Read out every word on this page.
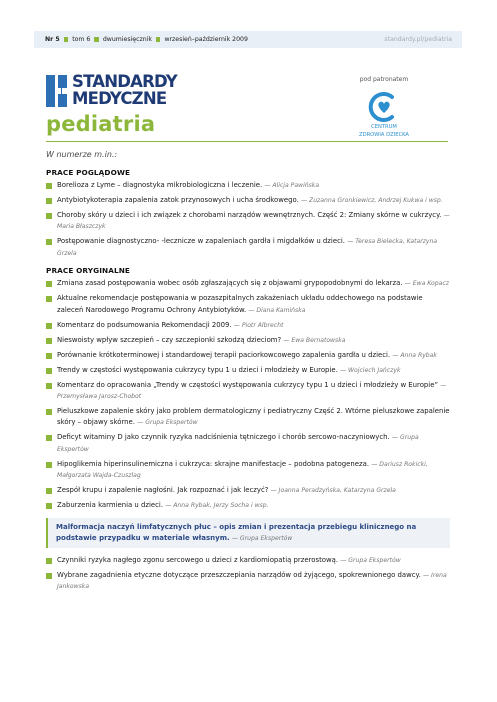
Nr 5 tom 6 dwumiesięcznik wrzesień–październik 2009	standardy.pl/pediatria
STANDARDY
MEDYCZNE
pediatria
pod patronatem
CENTRUM
ZDROWIA DZIECKA
W numerze m.in.:
PRACE POGLĄDOWE
Borelioza z Lyme – diagnostyka mikrobiologiczna i leczenie. — Alicja Pawińska
Antybiotykoterapia zapalenia zatok przynosowych i ucha środkowego. — Zuzanna Gronkiewicz, Andrzej Kukwa i wsp.
Choroby skóry u dzieci i ich związek z chorobami narządów wewnętrznych. Część 2: Zmiany skórne w cukrzycy. — Maria Błaszczyk
Postępowanie diagnostyczno- -lecznicze w zapaleniach gardła i migdałków u dzieci. — Teresa Bielecka, Katarzyna Grzela
PRACE ORYGINALNE
Zmiana zasad postępowania wobec osób zgłaszających się z objawami grypopodobnymi do lekarza. — Ewa Kopacz
Aktualne rekomendacje postępowania w pozaszpitalnych zakażeniach układu oddechowego na podstawie zaleceń Narodowego Programu Ochrony Antybiotyków. — Diana Kamińska
Komentarz do podsumowania Rekomendacji 2009. — Piotr Albrecht
Nieswoisty wpływ szczepień – czy szczepionki szkodzą dzieciom? — Ewa Bernatowska
Porównanie krótkoterminowej i standardowej terapii paciorkowcowego zapalenia gardła u dzieci. — Anna Rybak
Trendy w częstości występowania cukrzycy typu 1 u dzieci i młodzieży w Europie. — Wojciech Jańczyk
Komentarz do opracowania „Trendy w częstości występowania cukrzycy typu 1 u dzieci i młodzieży w Europie” — Przemysława Jarosz-Chobot
Pieluszkowe zapalenie skóry jako problem dermatologiczny i pediatryczny Część 2. Wtórne pieluszkowe zapalenie skóry – objawy skórne. — Grupa Ekspertów
Deficyt witaminy D jako czynnik ryzyka nadciśnienia tętniczego i chorób sercowo-naczyniowych. — Grupa Ekspertów
Hipoglikemia hiperinsulinemiczna i cukrzyca: skrajne manifestacje – podobna patogeneza. — Dariusz Rokicki, Małgorzata Wajda-Czuszlag
Zespół krupu i zapalenie nagłośni. Jak rozpoznać i jak leczyć? — Joanna Peradzyńska, Katarzyna Grzela
Zaburzenia karmienia u dzieci. — Anna Rybak, Jerzy Socha i wsp.
Malformacja naczyń limfatycznych płuc – opis zmian i prezentacja przebiegu klinicznego na podstawie przypadku w materiale własnym. — Grupa Ekspertów
Czynniki ryzyka nagłego zgonu sercowego u dzieci z kardiomiopatią przerostową. — Grupa Ekspertów
Wybrane zagadnienia etyczne dotyczące przeszczepiania narządów od żyjącego, spokrewnionego dawcy. — Irena Jankowska
